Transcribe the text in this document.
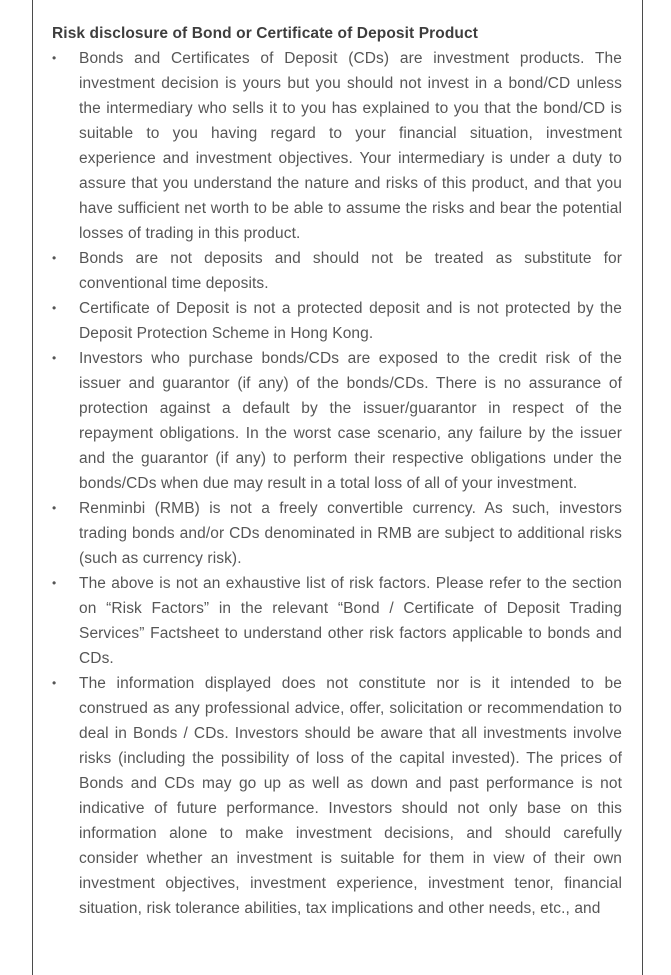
Risk disclosure of Bond or Certificate of Deposit Product
•	Bonds and Certificates of Deposit (CDs) are investment products. The investment decision is yours but you should not invest in a bond/CD unless the intermediary who sells it to you has explained to you that the bond/CD is suitable to you having regard to your financial situation, investment experience and investment objectives. Your intermediary is under a duty to assure that you understand the nature and risks of this product, and that you have sufficient net worth to be able to assume the risks and bear the potential losses of trading in this product.

•	Bonds are not deposits and should not be treated as substitute for conventional time deposits.

•	Certificate of Deposit is not a protected deposit and is not protected by the Deposit Protection Scheme in Hong Kong.

•	Investors who purchase bonds/CDs are exposed to the credit risk of the issuer and guarantor (if any) of the bonds/CDs. There is no assurance of protection against a default by the issuer/guarantor in respect of the repayment obligations. In the worst case scenario, any failure by the issuer and the guarantor (if any) to perform their respective obligations under the bonds/CDs when due may result in a total loss of all of your investment.

•	Renminbi (RMB) is not a freely convertible currency. As such, investors trading bonds and/or CDs denominated in RMB are subject to additional risks (such as currency risk).

•	The above is not an exhaustive list of risk factors. Please refer to the section on “Risk Factors” in the relevant “Bond / Certificate of Deposit Trading Services” Factsheet to understand other risk factors applicable to bonds and CDs.

•	The information displayed does not constitute nor is it intended to be construed as any professional advice, offer, solicitation or recommendation to deal in Bonds / CDs. Investors should be aware that all investments involve risks (including the possibility of loss of the capital invested). The prices of Bonds and CDs may go up as well as down and past performance is not indicative of future performance. Investors should not only base on this information alone to make investment decisions, and should carefully consider whether an investment is suitable for them in view of their own investment objectives, investment experience, investment tenor, financial situation, risk tolerance abilities, tax implications and other needs, etc., and
